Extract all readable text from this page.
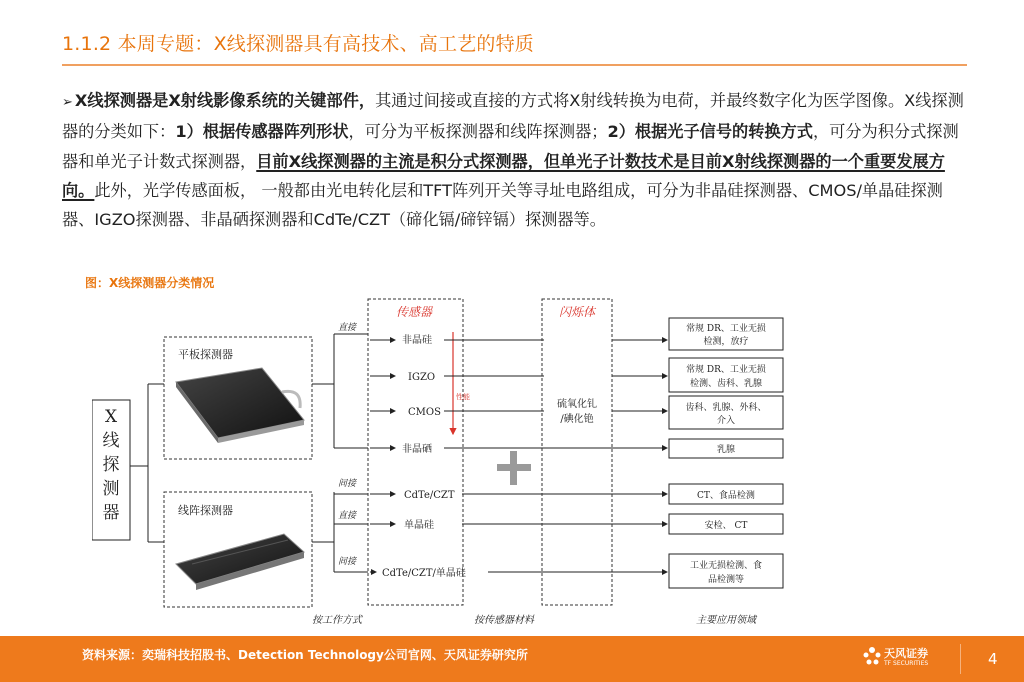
1.1.2 本周专题：X线探测器具有高技术、高工艺的特质
➢ X线探测器是X射线影像系统的关键部件，其通过间接或直接的方式将X射线转换为电荷，并最终数字化为医学图像。X线探测器的分类如下：1）根据传感器阵列形状，可分为平板探测器和线阵探测器；2）根据光子信号的转换方式，可分为积分式探测器和单光子计数式探测器，目前X线探测器的主流是积分式探测器，但单光子计数技术是目前X射线探测器的一个重要发展方向。此外，光学传感面板， 一般都由光电转化层和TFT阵列开关等寻址电路组成，可分为非晶硅探测器、CMOS/单晶硅探测器、IGZO探测器、非晶硒探测器和CdTe/CZT（碲化镉/碲锌镉）探测器等。
图：X线探测器分类情况
X
线
探
测
器
平板探测器
线阵探测器
直接
间接
直接
间接
传感器
非晶硅
IGZO
CMOS
非晶硒
CdTe/CZT
单晶硅
CdTe/CZT/单晶硅
性能
闪烁体
硫氧化钆
/碘化铯
常规 DR、工业无损
检测，放疗
常规 DR、工业无损
检测、齿科、乳腺
齿科、乳腺、外科、
介入
乳腺
CT、食品检测
安检、 CT
工业无损检测、食
品检测等
按工作方式	按传感器材料	主要应用领域
资料来源：奕瑞科技招股书、Detection Technology公司官网、天风证券研究所	天风证券
TF SECURITIES	4
